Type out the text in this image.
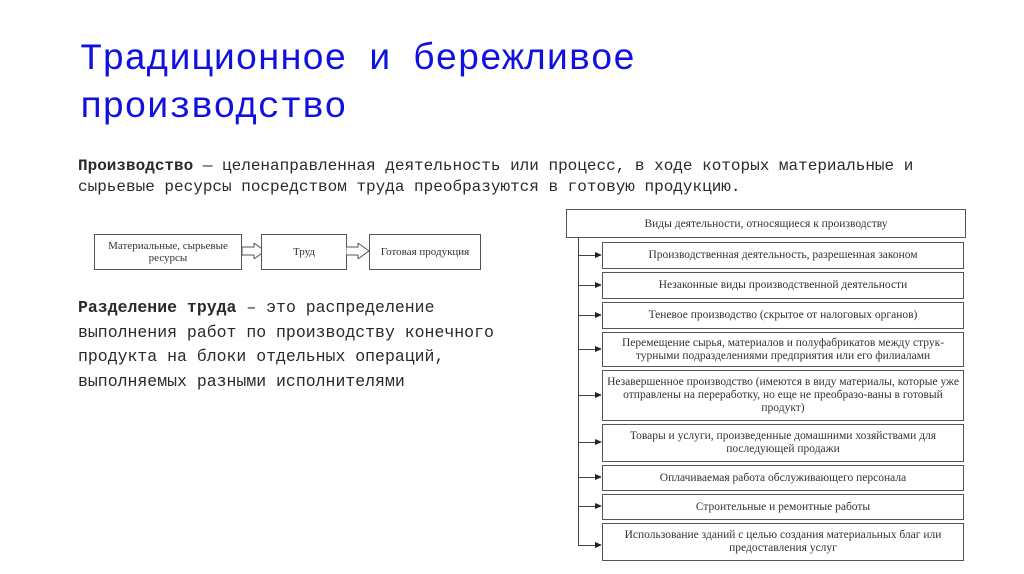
Традиционное и бережливое производство
Производство — целенаправленная деятельность или процесс, в ходе которых материальные и сырьевые ресурсы посредством труда преобразуются в готовую продукцию.
Материальные, сырьевые ресурсы	Труд	Готовая продукция
Разделение труда – это распределение выполнения работ по производству конечного продукта на блоки отдельных операций, выполняемых разными исполнителями
Виды деятельности, относящиеся к производству
Производственная деятельность, разрешенная законом
Незаконные виды производственной деятельности
Теневое производство (скрытое от налоговых органов)
Перемещение сырья, материалов и полуфабрикатов между струк-турными подразделениями предприятия или его филиалами
Незавершенное производство (имеются в виду материалы, которые уже отправлены на переработку, но еще не преобразо-ваны в готовый продукт)
Товары и услуги, произведенные домашними хозяйствами для последующей продажи
Оплачиваемая работа обслуживающего персонала
Строительные и ремонтные работы
Использование зданий с целью создания материальных благ или предоставления услуг
